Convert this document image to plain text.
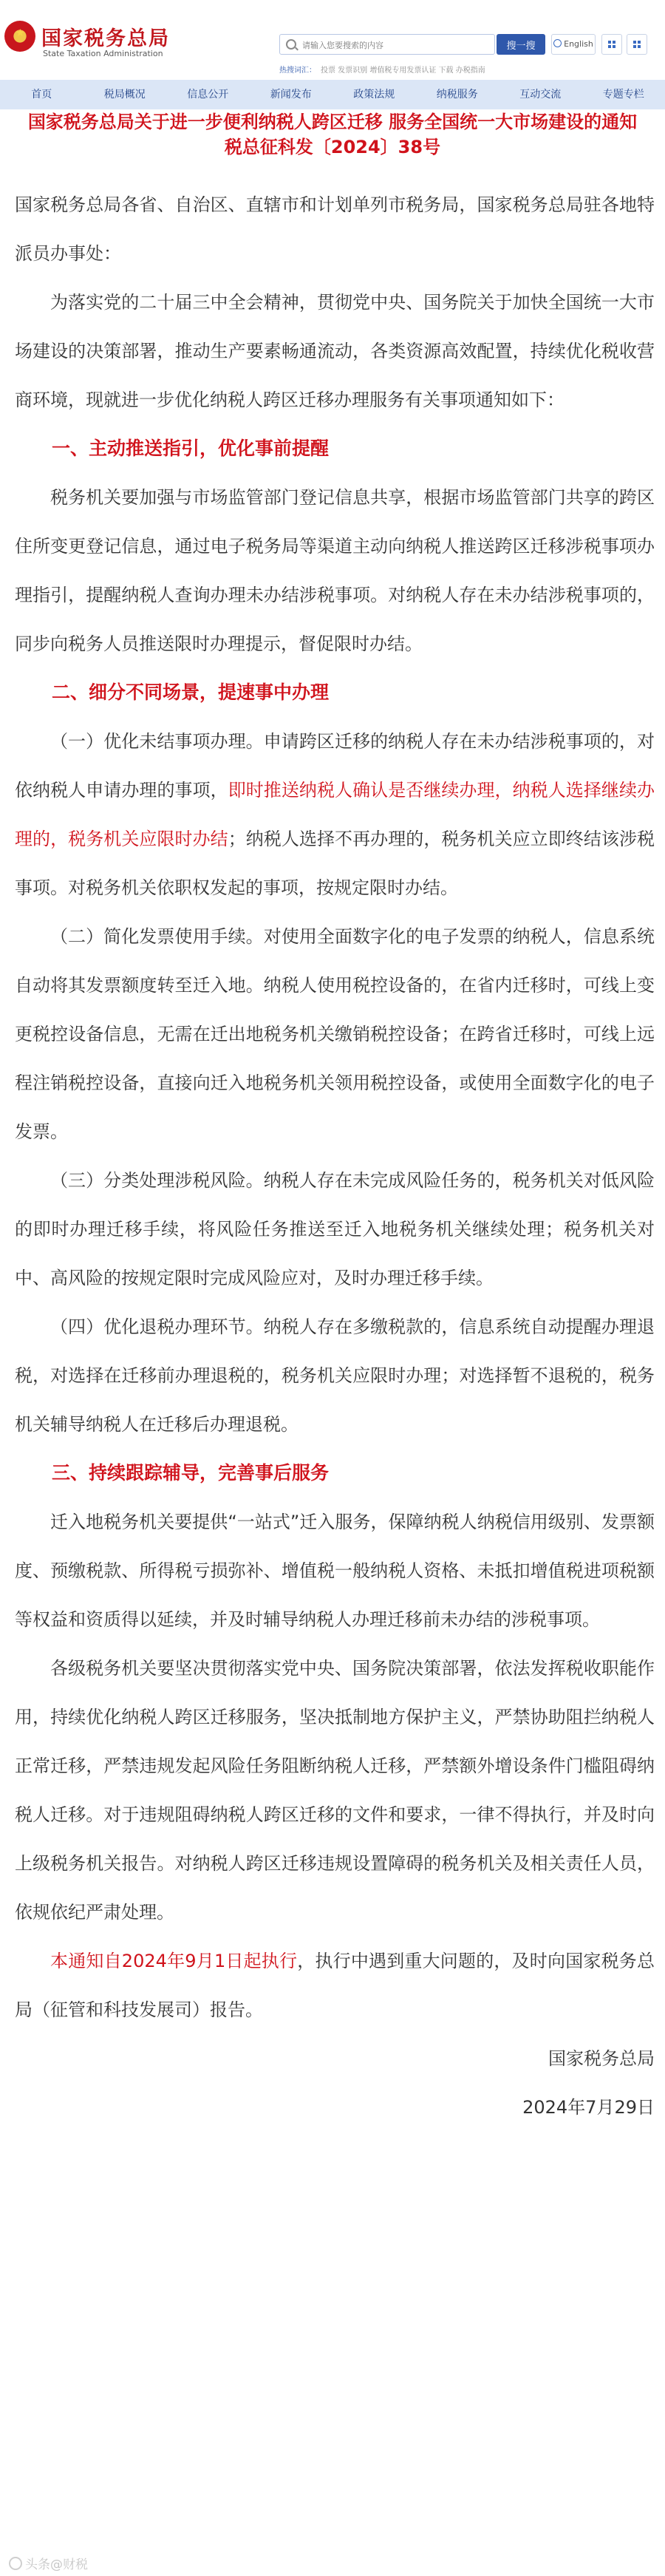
★ 国家税务总局
State Taxation Administration
请输入您要搜索的内容
搜一搜	English
热搜词汇： 投票 发票识别 增值税专用发票认证 下载 办税指南
首页	税局概况	信息公开	新闻发布	政策法规	纳税服务	互动交流	专题专栏
国家税务总局关于进一步便利纳税人跨区迁移 服务全国统一大市场建设的通知
税总征科发〔2024〕38号

国家税务总局各省、自治区、直辖市和计划单列市税务局，国家税务总局驻各地特派员办事处：

为落实党的二十届三中全会精神，贯彻党中央、国务院关于加快全国统一大市场建设的决策部署，推动生产要素畅通流动，各类资源高效配置，持续优化税收营商环境，现就进一步优化纳税人跨区迁移办理服务有关事项通知如下：

一、主动推送指引，优化事前提醒

税务机关要加强与市场监管部门登记信息共享，根据市场监管部门共享的跨区住所变更登记信息，通过电子税务局等渠道主动向纳税人推送跨区迁移涉税事项办理指引，提醒纳税人查询办理未办结涉税事项。对纳税人存在未办结涉税事项的，同步向税务人员推送限时办理提示，督促限时办结。

二、细分不同场景，提速事中办理

（一）优化未结事项办理。申请跨区迁移的纳税人存在未办结涉税事项的，对依纳税人申请办理的事项，即时推送纳税人确认是否继续办理，纳税人选择继续办理的，税务机关应限时办结；纳税人选择不再办理的，税务机关应立即终结该涉税事项。对税务机关依职权发起的事项，按规定限时办结。

（二）简化发票使用手续。对使用全面数字化的电子发票的纳税人，信息系统自动将其发票额度转至迁入地。纳税人使用税控设备的，在省内迁移时，可线上变更税控设备信息，无需在迁出地税务机关缴销税控设备；在跨省迁移时，可线上远程注销税控设备，直接向迁入地税务机关领用税控设备，或使用全面数字化的电子发票。

（三）分类处理涉税风险。纳税人存在未完成风险任务的，税务机关对低风险的即时办理迁移手续，将风险任务推送至迁入地税务机关继续处理；税务机关对中、高风险的按规定限时完成风险应对，及时办理迁移手续。

（四）优化退税办理环节。纳税人存在多缴税款的，信息系统自动提醒办理退税，对选择在迁移前办理退税的，税务机关应限时办理；对选择暂不退税的，税务机关辅导纳税人在迁移后办理退税。

三、持续跟踪辅导，完善事后服务

迁入地税务机关要提供“一站式”迁入服务，保障纳税人纳税信用级别、发票额度、预缴税款、所得税亏损弥补、增值税一般纳税人资格、未抵扣增值税进项税额等权益和资质得以延续，并及时辅导纳税人办理迁移前未办结的涉税事项。

各级税务机关要坚决贯彻落实党中央、国务院决策部署，依法发挥税收职能作用，持续优化纳税人跨区迁移服务，坚决抵制地方保护主义，严禁协助阻拦纳税人正常迁移，严禁违规发起风险任务阻断纳税人迁移，严禁额外增设条件门槛阻碍纳税人迁移。对于违规阻碍纳税人跨区迁移的文件和要求，一律不得执行，并及时向上级税务机关报告。对纳税人跨区迁移违规设置障碍的税务机关及相关责任人员，依规依纪严肃处理。

本通知自2024年9月1日起执行，执行中遇到重大问题的，及时向国家税务总局（征管和科技发展司）报告。

国家税务总局

2024年7月29日

头条@财税
